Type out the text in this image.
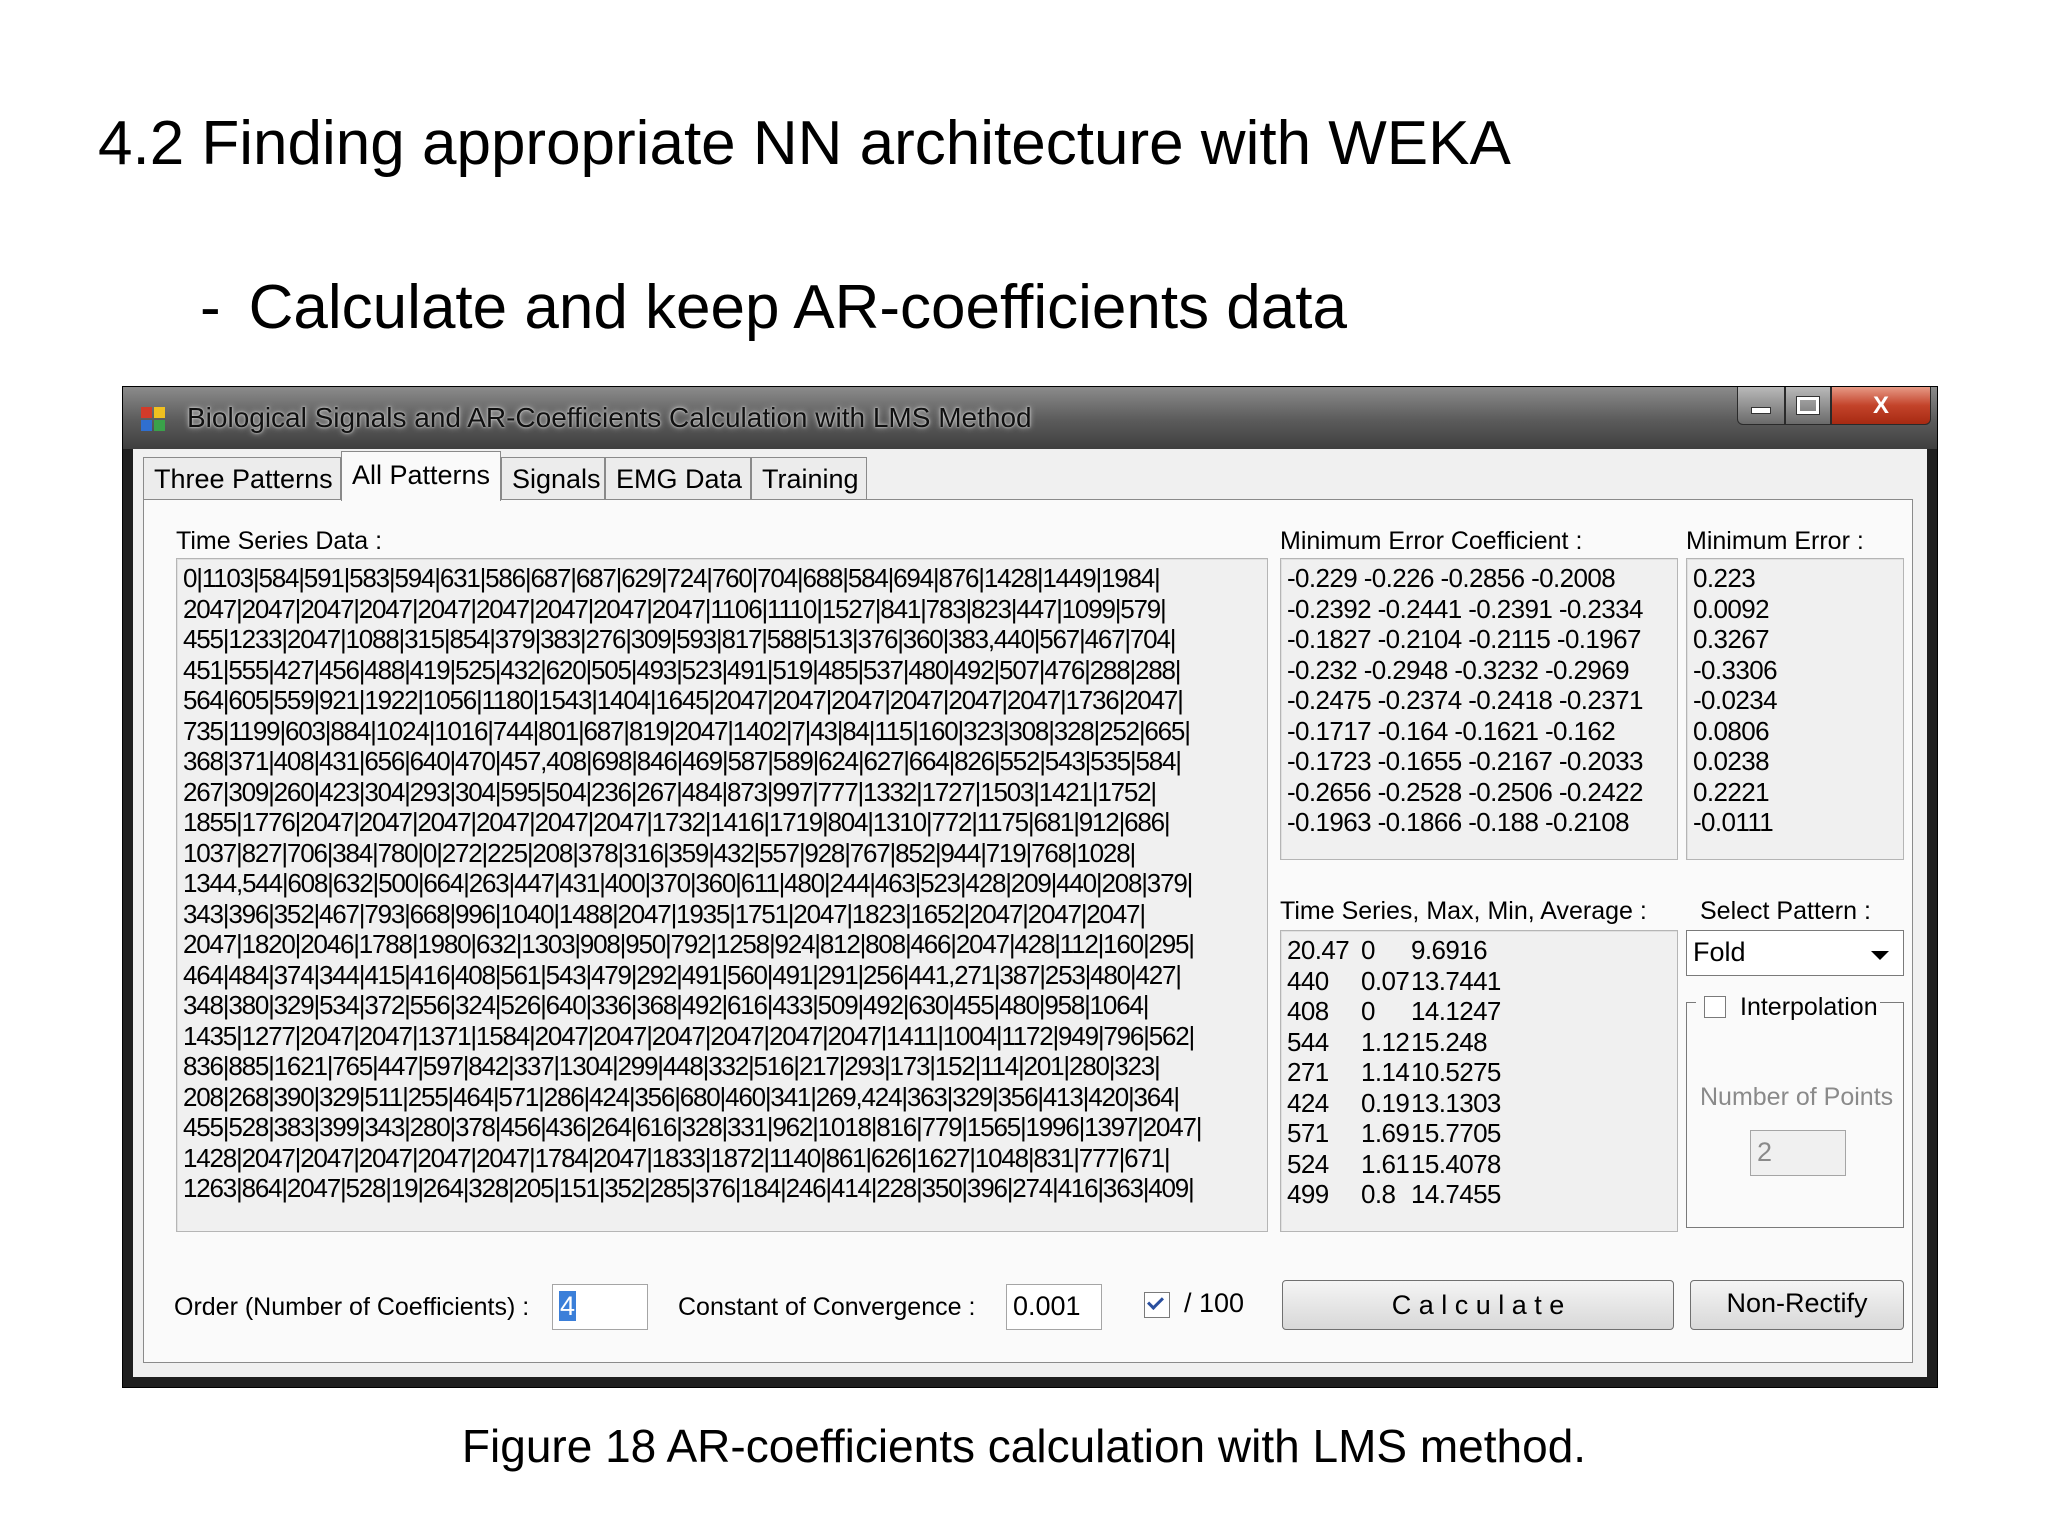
4.2 Finding appropriate NN architecture with WEKA
- Calculate and keep AR-coefficients data
Biological Signals and AR-Coefficients Calculation with LMS Method	X
Three Patterns All Patterns Signals EMG Data Training
Time Series Data :
0|1103|584|591|583|594|631|586|687|687|629|724|760|704|688|584|694|876|1428|1449|1984|
2047|2047|2047|2047|2047|2047|2047|2047|2047|1106|1110|1527|841|783|823|447|1099|579|
455|1233|2047|1088|315|854|379|383|276|309|593|817|588|513|376|360|383,440|567|467|704|
451|555|427|456|488|419|525|432|620|505|493|523|491|519|485|537|480|492|507|476|288|288|
564|605|559|921|1922|1056|1180|1543|1404|1645|2047|2047|2047|2047|2047|2047|1736|2047|
735|1199|603|884|1024|1016|744|801|687|819|2047|1402|7|43|84|115|160|323|308|328|252|665|
368|371|408|431|656|640|470|457,408|698|846|469|587|589|624|627|664|826|552|543|535|584|
267|309|260|423|304|293|304|595|504|236|267|484|873|997|777|1332|1727|1503|1421|1752|
1855|1776|2047|2047|2047|2047|2047|2047|1732|1416|1719|804|1310|772|1175|681|912|686|
1037|827|706|384|780|0|272|225|208|378|316|359|432|557|928|767|852|944|719|768|1028|
1344,544|608|632|500|664|263|447|431|400|370|360|611|480|244|463|523|428|209|440|208|379|
343|396|352|467|793|668|996|1040|1488|2047|1935|1751|2047|1823|1652|2047|2047|2047|
2047|1820|2046|1788|1980|632|1303|908|950|792|1258|924|812|808|466|2047|428|112|160|295|
464|484|374|344|415|416|408|561|543|479|292|491|560|491|291|256|441,271|387|253|480|427|
348|380|329|534|372|556|324|526|640|336|368|492|616|433|509|492|630|455|480|958|1064|
1435|1277|2047|2047|1371|1584|2047|2047|2047|2047|2047|2047|1411|1004|1172|949|796|562|
836|885|1621|765|447|597|842|337|1304|299|448|332|516|217|293|173|152|114|201|280|323|
208|268|390|329|511|255|464|571|286|424|356|680|460|341|269,424|363|329|356|413|420|364|
455|528|383|399|343|280|378|456|436|264|616|328|331|962|1018|816|779|1565|1996|1397|2047|
1428|2047|2047|2047|2047|2047|1784|2047|1833|1872|1140|861|626|1627|1048|831|777|671|
1263|864|2047|528|19|264|328|205|151|352|285|376|184|246|414|228|350|396|274|416|363|409|
Minimum Error Coefficient :
-0.229 -0.226 -0.2856 -0.2008
-0.2392 -0.2441 -0.2391 -0.2334
-0.1827 -0.2104 -0.2115 -0.1967
-0.232 -0.2948 -0.3232 -0.2969
-0.2475 -0.2374 -0.2418 -0.2371
-0.1717 -0.164 -0.1621 -0.162
-0.1723 -0.1655 -0.2167 -0.2033
-0.2656 -0.2528 -0.2506 -0.2422
-0.1963 -0.1866 -0.188 -0.2108
Minimum Error :
0.223
0.0092
0.3267
-0.3306
-0.0234
0.0806
0.0238
0.2221
-0.0111
Time Series, Max, Min, Average :
20.47 0	9.6916
440	0.07 13.7441
408	0	14.1247
544	1.12 15.248
271	1.14 10.5275
424	0.19 13.1303
571	1.69 15.7705
524	1.61 15.4078
499	0.8 14.7455
Select Pattern :
Fold
Interpolation
Number of Points
2
Order (Number of Coefficients) : 4	Constant of Convergence : 0.001	/ 100	C a l c u l a t e	Non-Rectify
Figure 18 AR-coefficients calculation with LMS method.
